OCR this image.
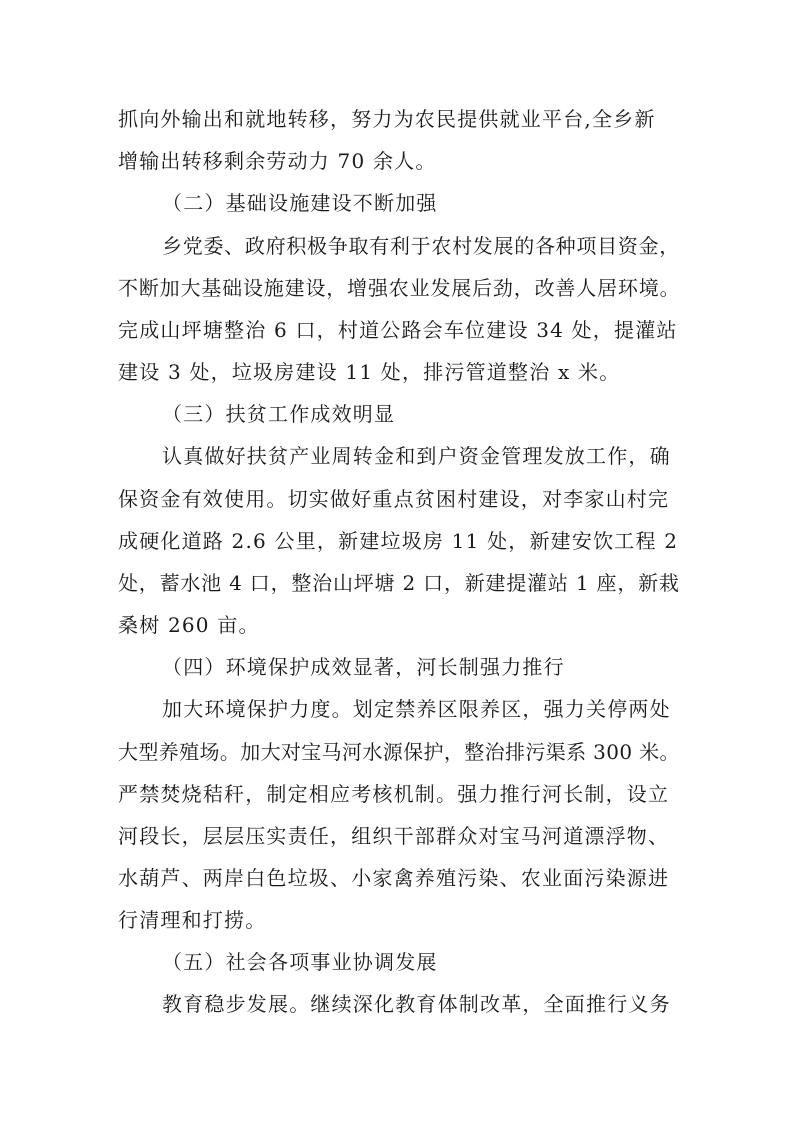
抓向外输出和就地转移，努力为农民提供就业平台,全乡新
增输出转移剩余劳动力 70 余人。
（二）基础设施建设不断加强
乡党委、政府积极争取有利于农村发展的各种项目资金，
不断加大基础设施建设，增强农业发展后劲，改善人居环境。
完成山坪塘整治 6 口，村道公路会车位建设 34 处，提灌站
建设 3 处，垃圾房建设 11 处，排污管道整治 x 米。
（三）扶贫工作成效明显
认真做好扶贫产业周转金和到户资金管理发放工作，确
保资金有效使用。切实做好重点贫困村建设，对李家山村完
成硬化道路 2.6 公里，新建垃圾房 11 处，新建安饮工程 2
处，蓄水池 4 口，整治山坪塘 2 口，新建提灌站 1 座，新栽
桑树 260 亩。
（四）环境保护成效显著，河长制强力推行
加大环境保护力度。划定禁养区限养区，强力关停两处
大型养殖场。加大对宝马河水源保护，整治排污渠系 300 米。
严禁焚烧秸秆，制定相应考核机制。强力推行河长制，设立
河段长，层层压实责任，组织干部群众对宝马河道漂浮物、
水葫芦、两岸白色垃圾、小家禽养殖污染、农业面污染源进
行清理和打捞。
（五）社会各项事业协调发展
教育稳步发展。继续深化教育体制改革，全面推行义务
